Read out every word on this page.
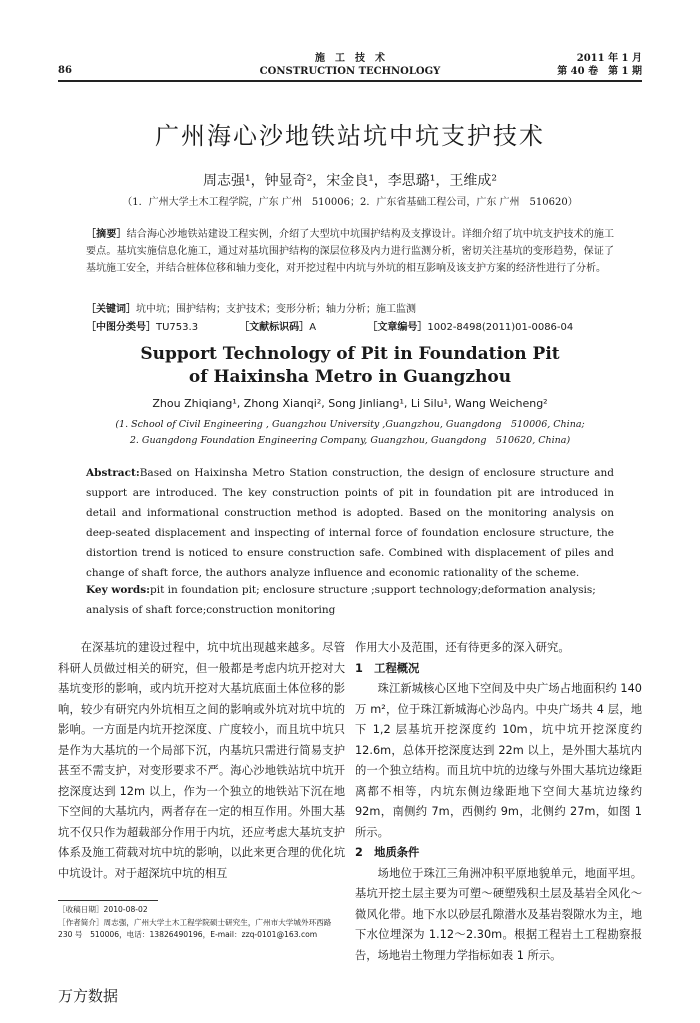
86
施　工　技　术
CONSTRUCTION TECHNOLOGY
2011 年 1 月
第 40 卷　第 1 期
广州海心沙地铁站坑中坑支护技术
周志强¹，钟显奇²，宋金良¹，李思璐¹，王维成²
（1．广州大学土木工程学院，广东 广州　510006；2．广东省基础工程公司，广东 广州　510620）
［摘要］结合海心沙地铁站建设工程实例，介绍了大型坑中坑围护结构及支撑设计。详细介绍了坑中坑支护技术的施工要点。基坑实施信息化施工，通过对基坑围护结构的深层位移及内力进行监测分析，密切关注基坑的变形趋势，保证了基坑施工安全，并结合桩体位移和轴力变化，对开挖过程中内坑与外坑的相互影响及该支护方案的经济性进行了分析。
［关键词］坑中坑；围护结构；支护技术；变形分析；轴力分析；施工监测
［中图分类号］TU753.3	［文献标识码］A	［文章编号］1002-8498(2011)01-0086-04
Support Technology of Pit in Foundation Pit
of Haixinsha Metro in Guangzhou
Zhou Zhiqiang¹, Zhong Xianqi², Song Jinliang¹, Li Silu¹, Wang Weicheng²
(1. School of Civil Engineering , Guangzhou University ,Guangzhou, Guangdong　510006, China;
2. Guangdong Foundation Engineering Company, Guangzhou, Guangdong　510620, China)
Abstract:Based on Haixinsha Metro Station construction, the design of enclosure structure and support are introduced. The key construction points of pit in foundation pit are introduced in detail and informational construction method is adopted. Based on the monitoring analysis on deep-seated displacement and inspecting of internal force of foundation enclosure structure, the distortion trend is noticed to ensure construction safe. Combined with displacement of piles and change of shaft force, the authors analyze influence and economic rationality of the scheme.
Key words:pit in foundation pit; enclosure structure ;support technology;deformation analysis; analysis of shaft force;construction monitoring

在深基坑的建设过程中，坑中坑出现越来越多。尽管科研人员做过相关的研究，但一般都是考虑内坑开挖对大基坑变形的影响，或内坑开挖对大基坑底面土体位移的影响，较少有研究内外坑相互之间的影响或外坑对坑中坑的影响。一方面是内坑开挖深度、广度较小，而且坑中坑只是作为大基坑的一个局部下沉，内基坑只需进行简易支护甚至不需支护，对变形要求不严。海心沙地铁站坑中坑开挖深度达到 12m 以上，作为一个独立的地铁站下沉在地下空间的大基坑内，两者存在一定的相互作用。外围大基坑不仅只作为超载部分作用于内坑，还应考虑大基坑支护体系及施工荷载对坑中坑的影响，以此来更合理的优化坑中坑设计。对于超深坑中坑的相互

作用大小及范围，还有待更多的深入研究。

1　工程概况

珠江新城核心区地下空间及中央广场占地面积约 140 万 m²，位于珠江新城海心沙岛内。中央广场共 4 层，地下 1,2 层基坑开挖深度约 10m，坑中坑开挖深度约 12.6m，总体开挖深度达到 22m 以上，是外围大基坑内的一个独立结构。而且坑中坑的边缘与外围大基坑边缘距离都不相等，内坑东侧边缘距地下空间大基坑边缘约 92m，南侧约 7m，西侧约 9m，北侧约 27m，如图 1 所示。

2　地质条件

场地位于珠江三角洲冲积平原地貌单元，地面平坦。基坑开挖土层主要为可塑～硬塑残积土层及基岩全风化～微风化带。地下水以砂层孔隙潜水及基岩裂隙水为主，地下水位埋深为 1.12～2.30m。根据工程岩土工程勘察报告，场地岩土物理力学指标如表 1 所示。

［收稿日期］2010-08-02
［作者简介］周志强，广州大学土木工程学院硕士研究生，广州市大学城外环西路 230 号　510006，电话：13826490196，E-mail：zzq-0101@163.com
万方数据
